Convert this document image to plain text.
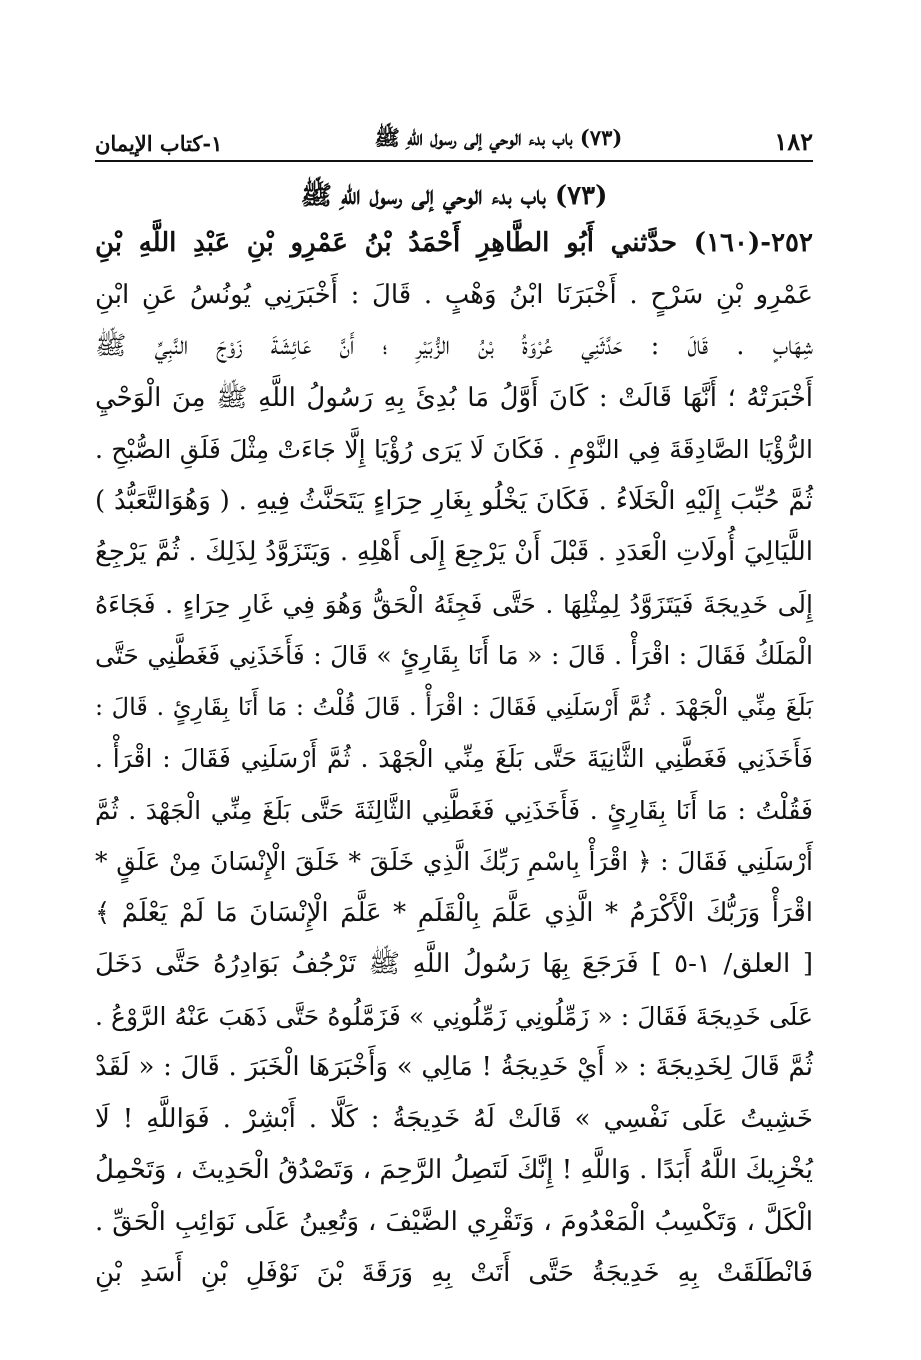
١٨٢
(٧٣) باب بدء الوحي إلى رسول اللهِ ﷺ
١-كتاب الإيمان
(٧٣) باب بدء الوحي إلى رسول اللهِ ﷺ
٢٥٢-(١٦٠) حدَّثني أَبُو الطَّاهِرِ أَحْمَدُ بْنُ عَمْرِو بْنِ عَبْدِ اللَّهِ بْنِ
عَمْرِو بْنِ سَرْحٍ . أَخْبَرَنَا ابْنُ وَهْبٍ . قَالَ : أَخْبَرَنِي يُونُسُ عَنِ ابْنِ
شِهَابٍ . قَالَ : حَدَّثَنِي عُرْوَةُ بْنُ الزُّبَيْرِ ؛ أَنَّ عَائِشَةَ زَوْجَ النَّبِيِّ ﷺ
أَخْبَرَتْهُ ؛ أَنَّهَا قَالَتْ : كَانَ أَوَّلُ مَا بُدِئَ بِهِ رَسُولُ اللَّهِ ﷺ مِنَ الْوَحْيِ
الرُّؤْيَا الصَّادِقَةَ فِي النَّوْمِ . فَكَانَ لَا يَرَى رُؤْيَا إِلَّا جَاءَتْ مِثْلَ فَلَقِ الصُّبْحِ .
ثُمَّ حُبِّبَ إِلَيْهِ الْخَلَاءُ . فَكَانَ يَخْلُو بِغَارِ حِرَاءٍ يَتَحَنَّثُ فِيهِ . ( وَهُوَالتَّعَبُّدُ )
اللَّيَالِيَ أُولَاتِ الْعَدَدِ . قَبْلَ أَنْ يَرْجِعَ إِلَى أَهْلِهِ . وَيَتَزَوَّدُ لِذَلِكَ . ثُمَّ يَرْجِعُ
إِلَى خَدِيجَةَ فَيَتَزَوَّدُ لِمِثْلِهَا . حَتَّى فَجِئَهُ الْحَقُّ وَهُوَ فِي غَارِ حِرَاءٍ . فَجَاءَهُ
الْمَلَكُ فَقَالَ : اقْرَأْ . قَالَ : « مَا أَنَا بِقَارِئٍ » قَالَ : فَأَخَذَنِي فَغَطَّنِي حَتَّى
بَلَغَ مِنِّي الْجَهْدَ . ثُمَّ أَرْسَلَنِي فَقَالَ : اقْرَأْ . قَالَ قُلْتُ : مَا أَنَا بِقَارِئٍ . قَالَ :
فَأَخَذَنِي فَغَطَّنِي الثَّانِيَةَ حَتَّى بَلَغَ مِنِّي الْجَهْدَ . ثُمَّ أَرْسَلَنِي فَقَالَ : اقْرَأْ .
فَقُلْتُ : مَا أَنَا بِقَارِئٍ . فَأَخَذَنِي فَغَطَّنِي الثَّالِثَةَ حَتَّى بَلَغَ مِنِّي الْجَهْدَ . ثُمَّ
أَرْسَلَنِي فَقَالَ : ﴿ اقْرَأْ بِاسْمِ رَبِّكَ الَّذِي خَلَقَ * خَلَقَ الْإِنْسَانَ مِنْ عَلَقٍ *
اقْرَأْ وَرَبُّكَ الْأَكْرَمُ * الَّذِي عَلَّمَ بِالْقَلَمِ * عَلَّمَ الْإِنْسَانَ مَا لَمْ يَعْلَمْ ﴾
[ العلق/ ١-٥ ] فَرَجَعَ بِهَا رَسُولُ اللَّهِ ﷺ تَرْجُفُ بَوَادِرُهُ حَتَّى دَخَلَ
عَلَى خَدِيجَةَ فَقَالَ : « زَمِّلُونِي زَمِّلُونِي » فَزَمَّلُوهُ حَتَّى ذَهَبَ عَنْهُ الرَّوْعُ .
ثُمَّ قَالَ لِخَدِيجَةَ : « أَيْ خَدِيجَةُ ! مَالِي » وَأَخْبَرَهَا الْخَبَرَ . قَالَ : « لَقَدْ
خَشِيتُ عَلَى نَفْسِي » قَالَتْ لَهُ خَدِيجَةُ : كَلَّا . أَبْشِرْ . فَوَاللَّهِ ! لَا
يُخْزِيكَ اللَّهُ أَبَدًا . وَاللَّهِ ! إِنَّكَ لَتَصِلُ الرَّحِمَ ، وَتَصْدُقُ الْحَدِيثَ ، وَتَحْمِلُ
الْكَلَّ ، وَتَكْسِبُ الْمَعْدُومَ ، وَتَقْرِي الضَّيْفَ ، وَتُعِينُ عَلَى نَوَائِبِ الْحَقِّ .
فَانْطَلَقَتْ بِهِ خَدِيجَةُ حَتَّى أَتَتْ بِهِ وَرَقَةَ بْنَ نَوْفَلِ بْنِ أَسَدِ بْنِ
